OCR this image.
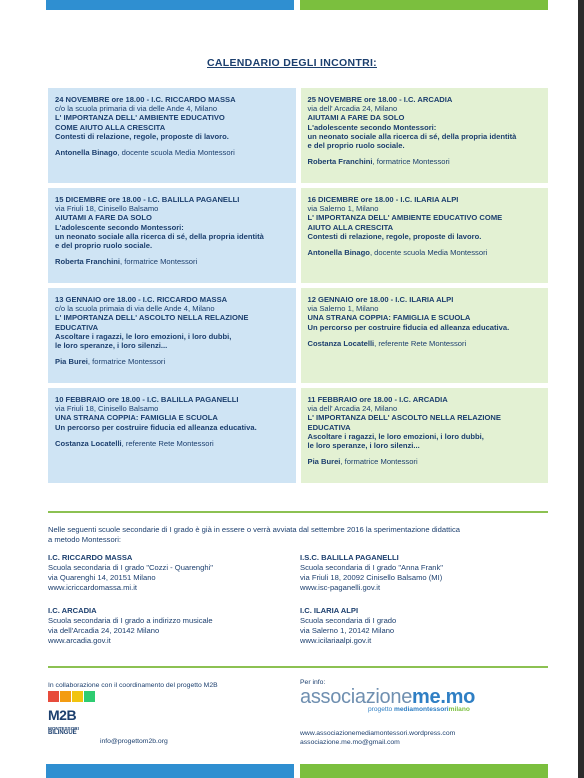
CALENDARIO DEGLI INCONTRI:
24 NOVEMBRE ore 18.00 - I.C. RICCARDO MASSA
c/o la scuola primaria di via delle Ande 4, Milano
L' IMPORTANZA DELL' AMBIENTE EDUCATIVO
COME AIUTO ALLA CRESCITA
Contesti di relazione, regole, proposte di lavoro.
Antonella Binago, docente scuola Media Montessori
25 NOVEMBRE ore 18.00 - I.C. ARCADIA
via dell' Arcadia 24, Milano
AIUTAMI A FARE DA SOLO
L'adolescente secondo Montessori:
un neonato sociale alla ricerca di sé, della propria identità
e del proprio ruolo sociale.
Roberta Franchini, formatrice Montessori
15 DICEMBRE ore 18.00 - I.C. BALILLA PAGANELLI
via Friuli 18, Cinisello Balsamo
AIUTAMI A FARE DA SOLO
L'adolescente secondo Montessori:
un neonato sociale alla ricerca di sé, della propria identità
e del proprio ruolo sociale.
Roberta Franchini, formatrice Montessori
16 DICEMBRE ore 18.00 - I.C. ILARIA ALPI
via Salerno 1, Milano
L' IMPORTANZA DELL' AMBIENTE EDUCATIVO COME
AIUTO ALLA CRESCITA
Contesti di relazione, regole, proposte di lavoro.
Antonella Binago, docente scuola Media Montessori
13 GENNAIO ore 18.00 - I.C. RICCARDO MASSA
c/o la scuola primaia di via delle Ande 4, Milano
L' IMPORTANZA DELL' ASCOLTO NELLA RELAZIONE
EDUCATIVA
Ascoltare i ragazzi, le loro emozioni, i loro dubbi,
le loro speranze, i loro silenzi...
Pia Burei, formatrice Montessori
12 GENNAIO ore 18.00 - I.C. ILARIA ALPI
via Salerno 1, Milano
UNA STRANA COPPIA: FAMIGLIA E SCUOLA
Un percorso per costruire fiducia ed alleanza educativa.
Costanza Locatelli, referente Rete Montessori
10 FEBBRAIO ore 18.00 - I.C. BALILLA PAGANELLI
via Friuli 18, Cinisello Balsamo
UNA STRANA COPPIA: FAMIGLIA E SCUOLA
Un percorso per costruire fiducia ed alleanza educativa.
Costanza Locatelli, referente Rete Montessori
11 FEBBRAIO ore 18.00 - I.C. ARCADIA
via dell' Arcadia 24, Milano
L' IMPORTANZA DELL' ASCOLTO NELLA RELAZIONE
EDUCATIVA
Ascoltare i ragazzi, le loro emozioni, i loro dubbi,
le loro speranze, i loro silenzi...
Pia Burei, formatrice Montessori
Nelle seguenti scuole secondarie di I grado è già in essere o verrà avviata dal settembre 2016 la sperimentazione didattica
a metodo Montessori:
I.C. RICCARDO MASSA
Scuola secondaria di I grado "Cozzi - Quarenghi"
via Quarenghi 14, 20151 Milano
www.icriccardomassa.mi.it
I.S.C. BALILLA PAGANELLI
Scuola secondaria di I grado "Anna Frank"
via Friuli 18, 20092 Cinisello Balsamo (MI)
www.isc-paganelli.gov.it
I.C. ARCADIA
Scuola secondaria di I grado a indirizzo musicale
via dell'Arcadia 24, 20142 Milano
www.arcadia.gov.it
I.C. ILARIA ALPI
Scuola secondaria di I grado
via Salerno 1, 20142 Milano
www.icilariaalpi.gov.it
In collaborazione con il coordinamento del progetto M2B
M2B
MONTESSORI
BILINGUE
info@progettom2b.org
Per info:
associazioneme.mo
progetto mediamontessorimilano
www.associazionemediamontessori.wordpress.com
associazione.me.mo@gmail.com
